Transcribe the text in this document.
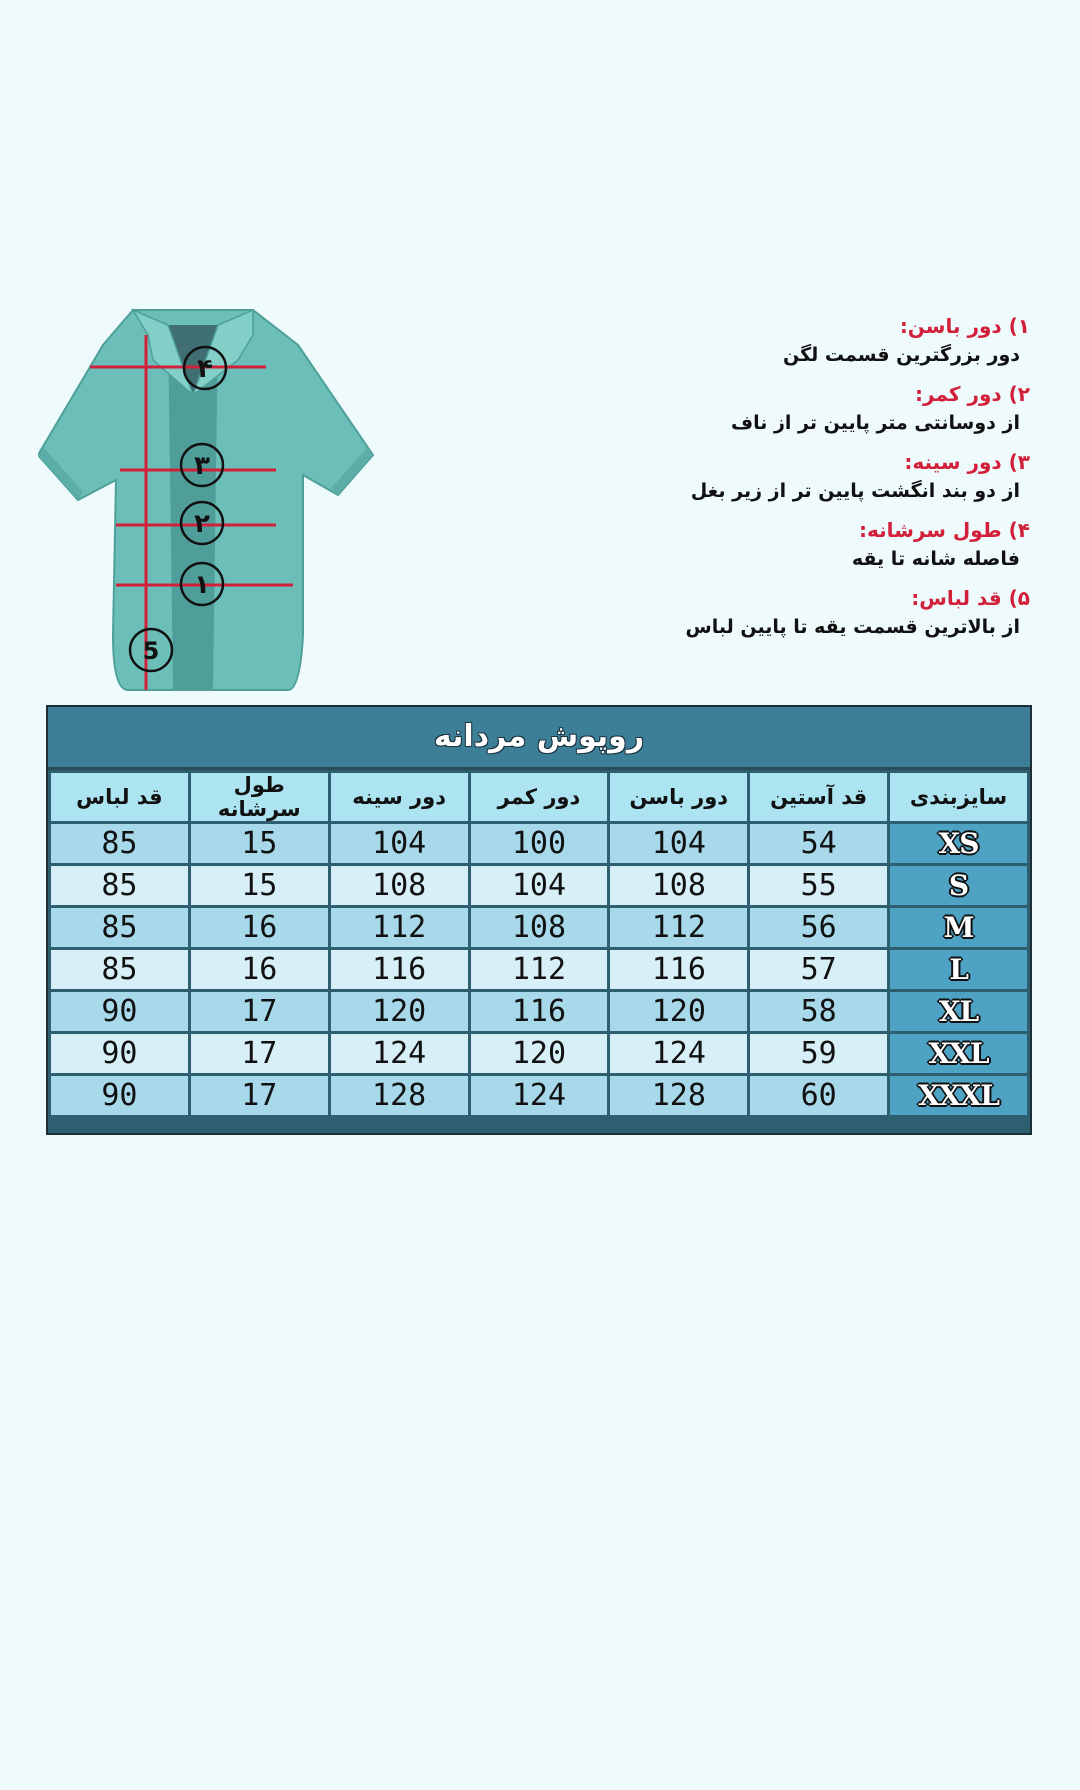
۴
۳
۲
۱
5
۱) دور باسن:
دور بزرگترین قسمت لگن
۲) دور کمر:
از دوسانتی متر پایین تر از ناف
۳) دور سینه:
از دو بند انگشت پایین تر از زیر بغل
۴) طول سرشانه:
فاصله شانه تا یقه
۵) قد لباس:
از بالاترین قسمت یقه تا پایین لباس
روپوش مردانه
قد لباس	طول سرشانه	دور سینه	دور کمر	دور باسن	قد آستین	سایزبندی
85	15	104	100	104	54	XS
85	15	108	104	108	55	S
85	16	112	108	112	56	M
85	16	116	112	116	57	L
90	17	120	116	120	58	XL
90	17	124	120	124	59	XXL
90	17	128	124	128	60	XXXL
